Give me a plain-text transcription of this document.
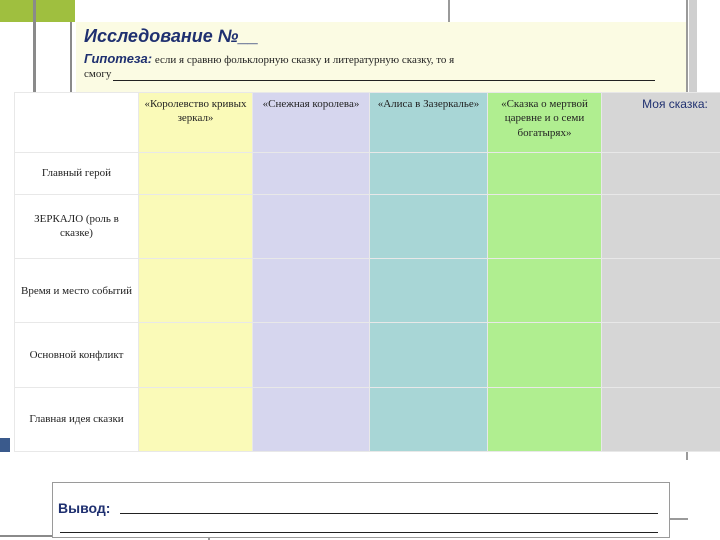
Исследование №__
Гипотеза: если я сравню фольклорную сказку и литературную сказку, то я
смогу
	«Королевство кривых зеркал»	«Снежная королева»	«Алиса в Зазеркалье»	«Сказка о мертвой царевне и о семи богатырях»	Моя сказка:
Главный герой					
ЗЕРКАЛО (роль в сказке)					
Время и место событий					
Основной конфликт					
Главная идея сказки					
Вывод:
